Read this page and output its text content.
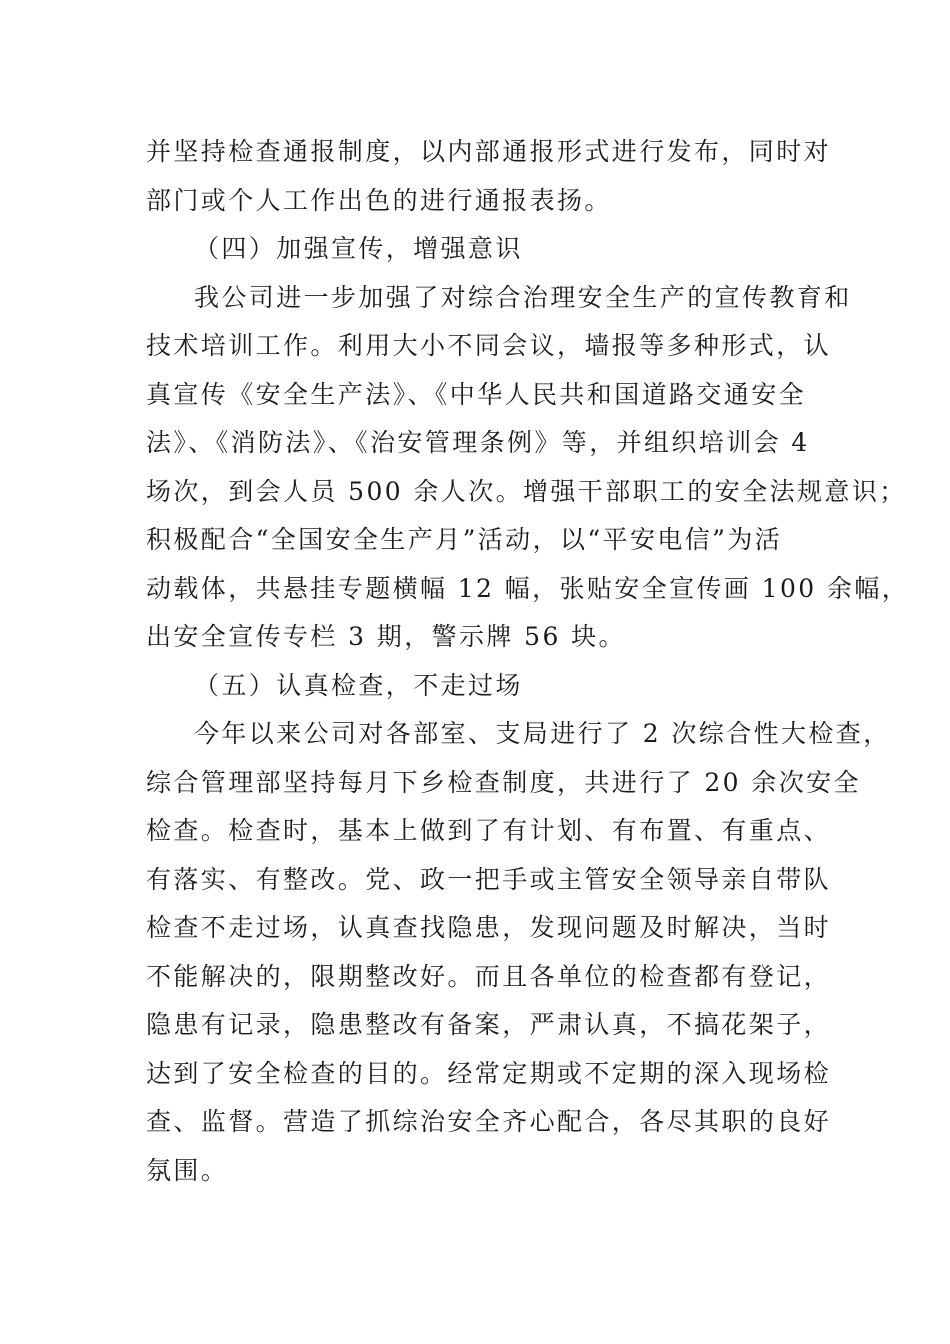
并坚持检查通报制度，以内部通报形式进行发布，同时对
部门或个人工作出色的进行通报表扬。
（四）加强宣传，增强意识
我公司进一步加强了对综合治理安全生产的宣传教育和
技术培训工作。利用大小不同会议，墙报等多种形式，认
真宣传《安全生产法》、《中华人民共和国道路交通安全
法》、《消防法》、《治安管理条例》等，并组织培训会 4
场次，到会人员 500 余人次。增强干部职工的安全法规意识；
积极配合“全国安全生产月”活动，以“平安电信”为活
动载体，共悬挂专题横幅 12 幅，张贴安全宣传画 100 余幅，
出安全宣传专栏 3 期，警示牌 56 块。
（五）认真检查，不走过场
今年以来公司对各部室、支局进行了 2 次综合性大检查，
综合管理部坚持每月下乡检查制度，共进行了 20 余次安全
检查。检查时，基本上做到了有计划、有布置、有重点、
有落实、有整改。党、政一把手或主管安全领导亲自带队
检查不走过场，认真查找隐患，发现问题及时解决，当时
不能解决的，限期整改好。而且各单位的检查都有登记，
隐患有记录，隐患整改有备案，严肃认真，不搞花架子，
达到了安全检查的目的。经常定期或不定期的深入现场检
查、监督。营造了抓综治安全齐心配合，各尽其职的良好
氛围。
